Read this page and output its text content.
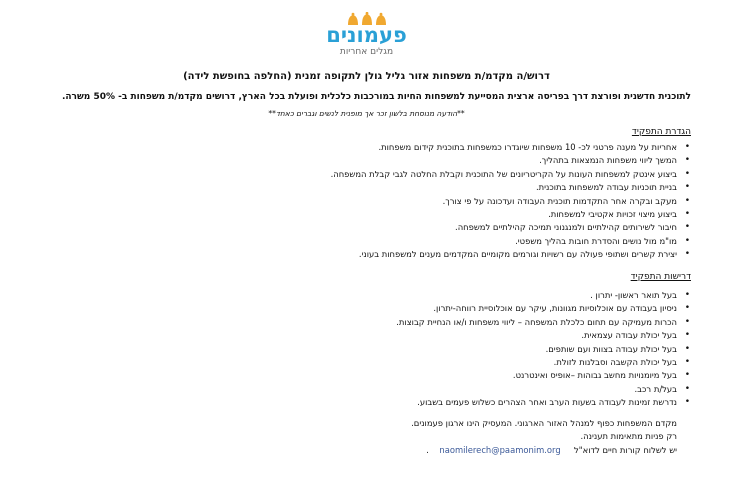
פעמונים
מגלים אחריות
דרוש/ה מקדמ/ת משפחות אזור גליל גולן לתקופה זמנית (החלפה בחופשת לידה)
לתוכנית חדשנית ופורצת דרך בפריסה ארצית המסייעת למשפחות החיות במורכבות כלכלית ופועלת בכל הארץ, דרושים מקדמ/ת משפחות ב- 50% משרה.
**הודעה מנוסחת בלשון זכר אך מופנית לנשים וגברים כאחד**
הגדרת התפקיד
• אחריות על מענה פרטני לכ- 10 משפחות שיוגדרו כמשפחות בתוכנית קידום משפחות.
• המשך ליווי משפחות הנמצאות בתהליך.
• ביצוע אינטק למשפחות העונות על הקריטריונים של התוכנית וקבלת החלטה לגבי קבלת המשפחה.
• בניית תוכניות עבודה למשפחות בתוכנית.
• מעקב ובקרה אחר התקדמות תוכנית העבודה ועדכונה על פי צורך.
• ביצוע מיצוי זכויות אקטיבי למשפחות.
• חיבור לשירותים קהילתיים ולמנגנוני תמיכה קהילתיים למשפחה.
• מו"מ מול נושים והסדרת חובות בהליך משפטי.
• יצירת קשרים ושתופי פעולה עם רשויות וגורמים מקומיים המקדמים מענים למשפחות בעוני.
דרישות התפקיד
• בעל תואר ראשון- יתרון .
• ניסיון בעבודה עם אוכלוסיות מגוונות, עיקר עם אוכלוסיית רווחה-יתרון.
• הכרות מעמיקה עם תחום כלכלת המשפחה – ליווי משפחות ו/או הנחיית קבוצות.
• בעל יכולת עבודה עצמאית.
• בעל יכולת עבודה בצוות ועם שותפים.
• בעל יכולת הקשבה וסבלנות לזולת.
• בעל מיומנויות מחשב גבוהות –אופיס ואינטרנט.
• בעל/ת רכב.
• נדרשת זמינות לעבודה בשעות הערב ואחר הצהרים כשלוש פעמים בשבוע.
מקדם המשפחות כפוף למנהל האזור הארגוני. המעסיק הינו ארגון פעמונים.
רק פניות מתאימות תענינה.
יש לשלוח קורות חיים לדוא"ל     naomilerech@paamonim.org    .
